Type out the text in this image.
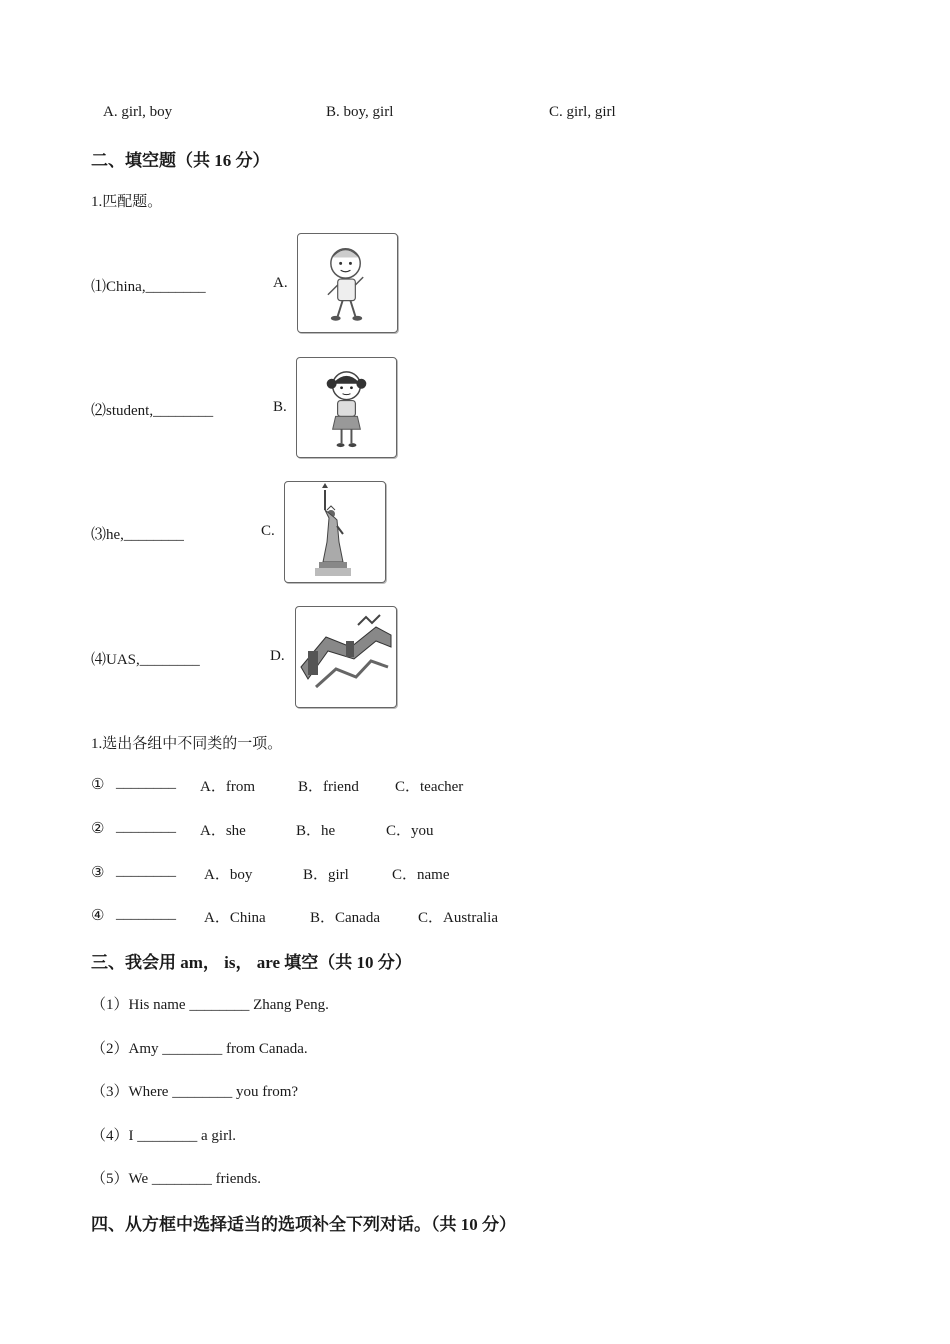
A. girl, boy	B. boy, girl	C. girl, girl
二、填空题（共 16 分）
1.匹配题。
⑴China,________	A.
⑵student,________	B.
⑶he,________	C.
⑷UAS,________	D.
1.选出各组中不同类的一项。
① ________ A．from	B．friend C．teacher
② ________ A．she	B．he	C．you
③ ________ A．boy	B．girl	C．name
④ ________ A．China	B．Canada	C．Australia
三、我会用 am， is， are 填空（共 10 分）
（1）His name ________ Zhang Peng.
（2）Amy ________ from Canada.
（3）Where ________ you from?
（4）I ________ a girl.
（5）We ________ friends.
四、从方框中选择适当的选项补全下列对话。（共 10 分）
